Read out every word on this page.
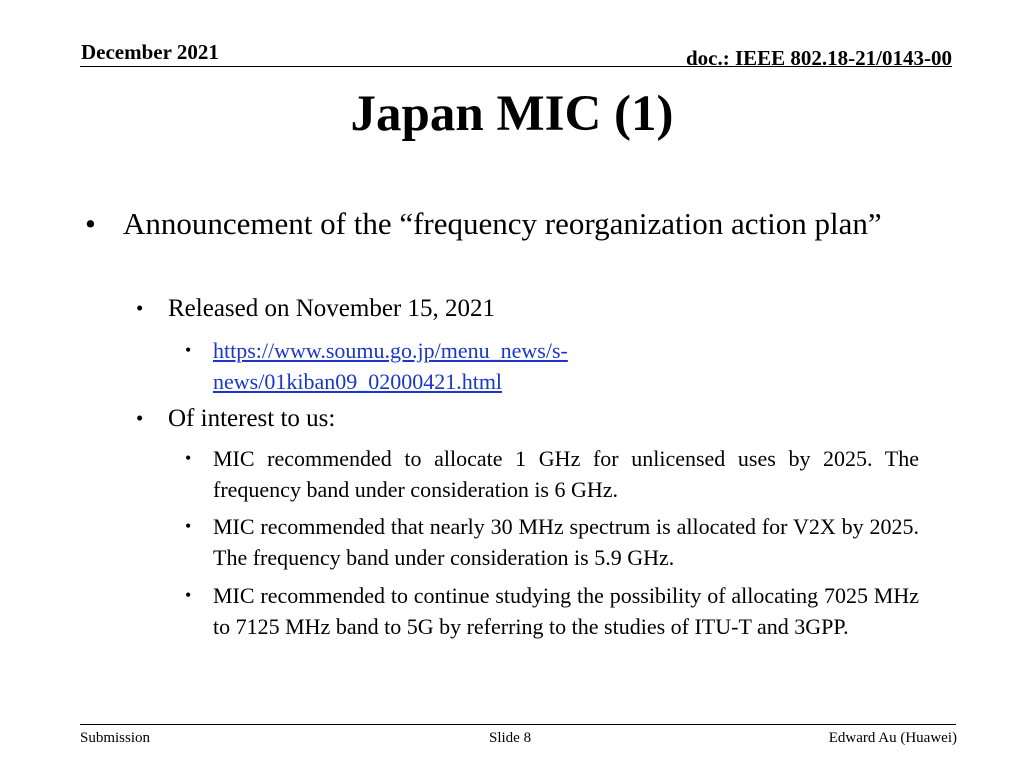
December 2021	doc.: IEEE 802.18-21/0143-00
Japan MIC (1)
• Announcement of the “frequency reorganization action plan”
• Released on November 15, 2021
• https://www.soumu.go.jp/menu_news/s-
news/01kiban09_02000421.html
• Of interest to us:
• MIC recommended to allocate 1 GHz for unlicensed uses by 2025. The frequency band under consideration is 6 GHz.
• MIC recommended that nearly 30 MHz spectrum is allocated for V2X by 2025. The frequency band under consideration is 5.9 GHz.
• MIC recommended to continue studying the possibility of allocating 7025 MHz to 7125 MHz band to 5G by referring to the studies of ITU-T and 3GPP.
Submission	Slide 8	Edward Au (Huawei)
